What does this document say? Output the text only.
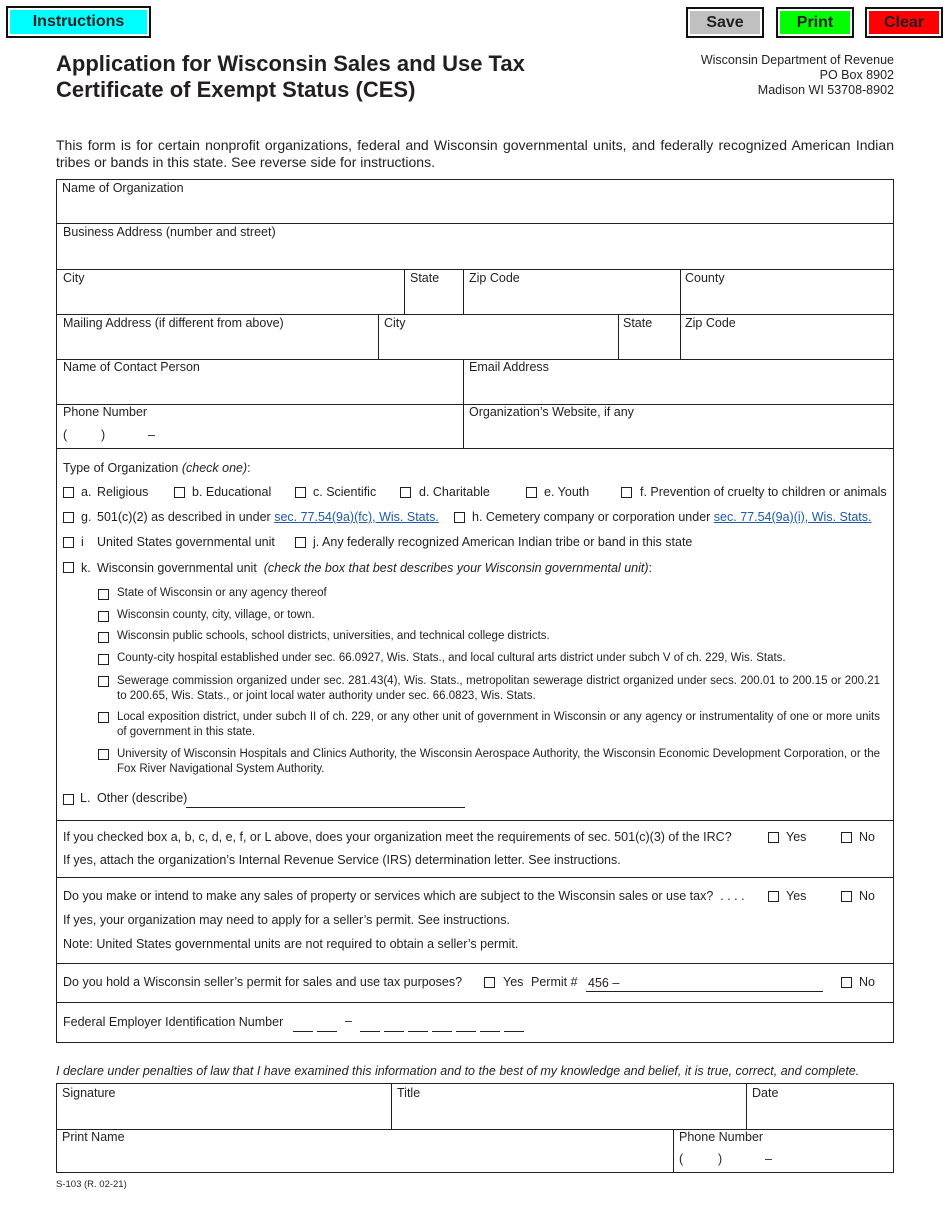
Instructions	Save	Print	Clear
Application for Wisconsin Sales and Use Tax
Certificate of Exempt Status (CES)
Wisconsin Department of Revenue
PO Box 8902
Madison WI 53708-8902
This form is for certain nonprofit organizations, federal and Wisconsin governmental units, and federally recognized American Indian tribes or bands in this state. See reverse side for instructions.
Name of Organization
Business Address (number and street)
City	State Zip Code	County
Mailing Address (if different from above)	City	State	Zip Code
Name of Contact Person	Email Address
Phone Number
(	)	–
Organization’s Website, if any
Type of Organization (check one):
a. Religious	b. Educational	c. Scientific	d. Charitable	e. Youth	f. Prevention of cruelty to children or animals
g. 501(c)(2) as described in under sec. 77.54(9a)(fc), Wis. Stats.	h. Cemetery company or corporation under sec. 77.54(9a)(i), Wis. Stats.
i United States governmental unit	j. Any federally recognized American Indian tribe or band in this state
k. Wisconsin governmental unit (check the box that best describes your Wisconsin governmental unit):
State of Wisconsin or any agency thereof
Wisconsin county, city, village, or town.
Wisconsin public schools, school districts, universities, and technical college districts.
County-city hospital established under sec. 66.0927, Wis. Stats., and local cultural arts district under subch V of ch. 229, Wis. Stats.
Sewerage commission organized under sec. 281.43(4), Wis. Stats., metropolitan sewerage district organized under secs. 200.01 to 200.15 or 200.21 to 200.65, Wis. Stats., or joint local water authority under sec. 66.0823, Wis. Stats.
Local exposition district, under subch II of ch. 229, or any other unit of government in Wisconsin or any agency or instrumentality of one or more units of government in this state.
University of Wisconsin Hospitals and Clinics Authority, the Wisconsin Aerospace Authority, the Wisconsin Economic Development Corporation, or the Fox River Navigational System Authority.
L. Other (describe)
If you checked box a, b, c, d, e, f, or L above, does your organization meet the requirements of sec. 501(c)(3) of the IRC?	Yes	No
If yes, attach the organization’s Internal Revenue Service (IRS) determination letter. See instructions.
Do you make or intend to make any sales of property or services which are subject to the Wisconsin sales or use tax? . . . .	Yes	No
If yes, your organization may need to apply for a seller’s permit. See instructions.
Note: United States governmental units are not required to obtain a seller’s permit.
Do you hold a Wisconsin seller’s permit for sales and use tax purposes?	Yes Permit # 456 –	No
Federal Employer Identification Number	–
I declare under penalties of law that I have examined this information and to the best of my knowledge and belief, it is true, correct, and complete.
Signature	Title	Date
Print Name	Phone Number
(	)	–
S-103 (R. 02-21)
